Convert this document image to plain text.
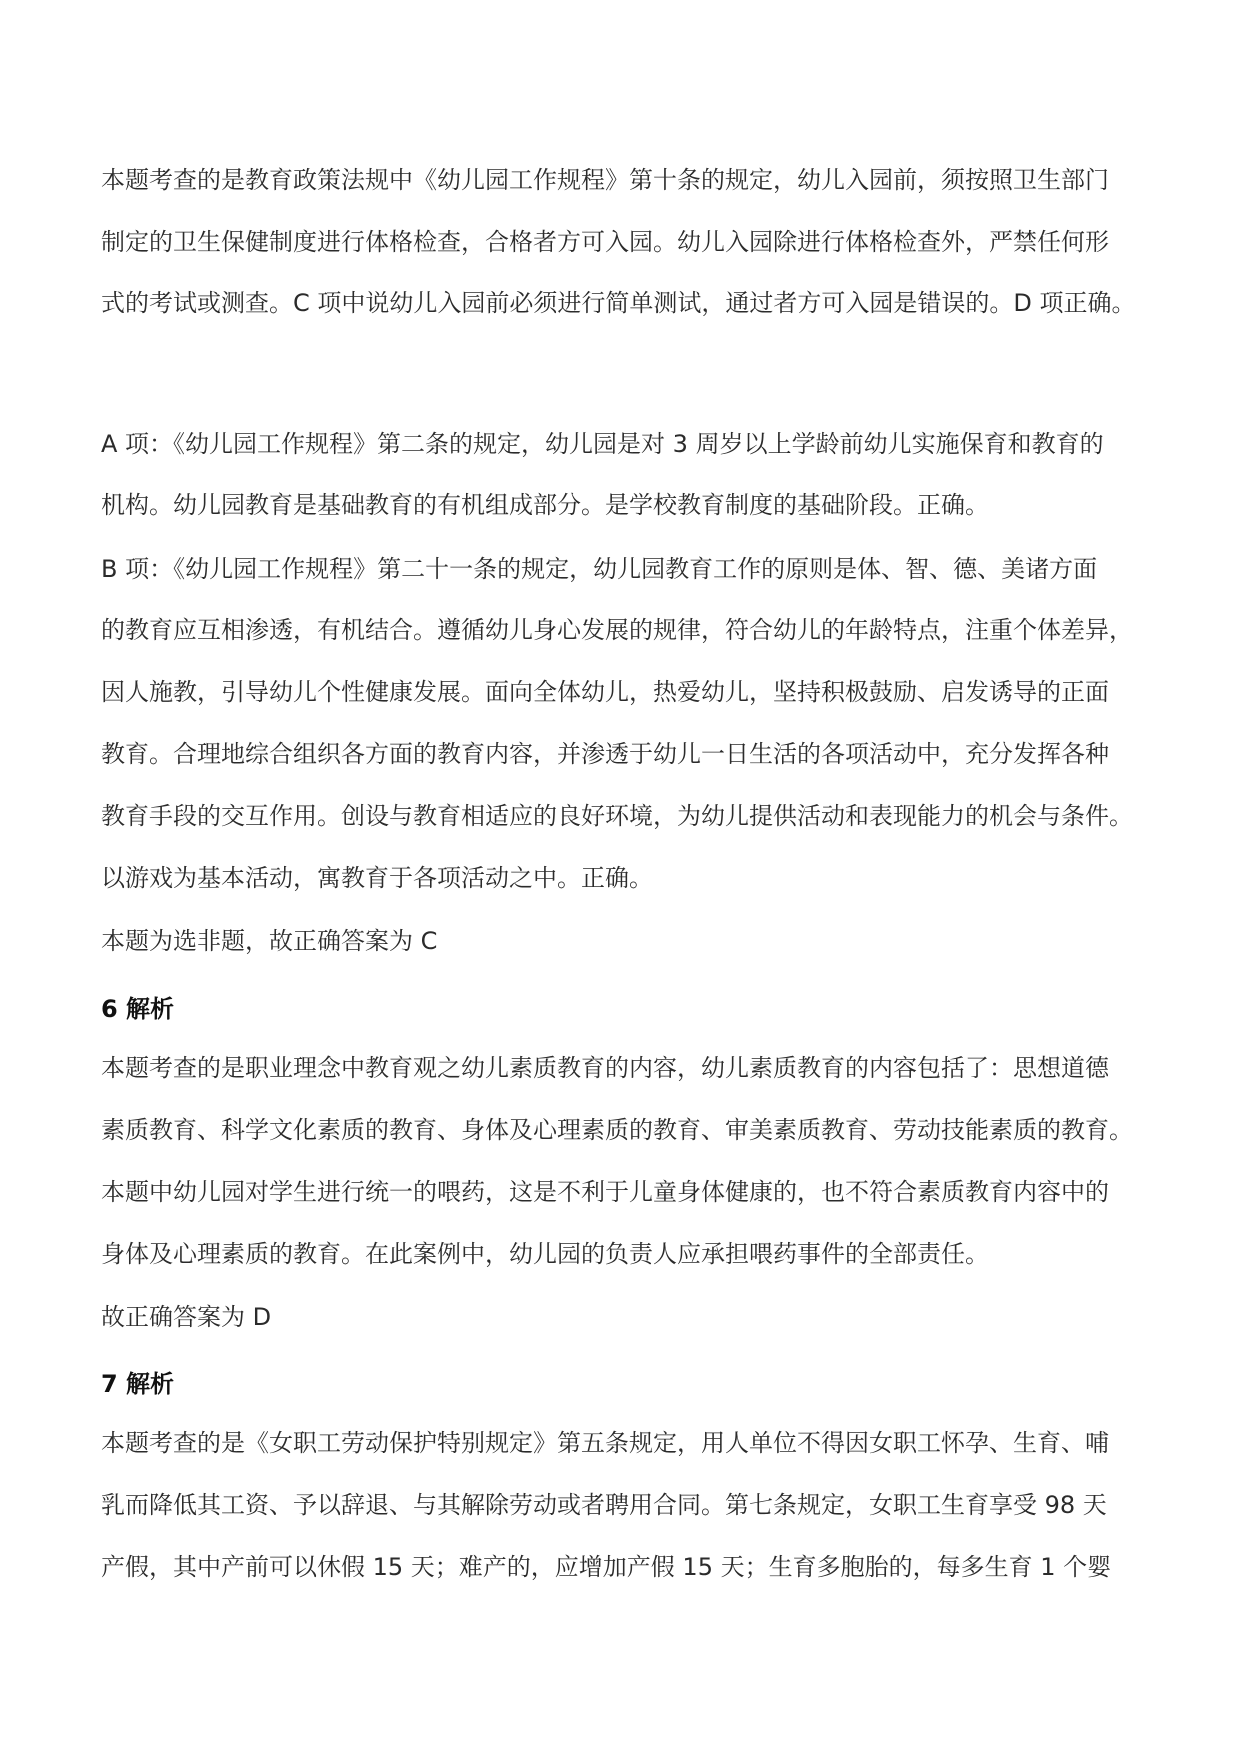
本题考查的是教育政策法规中《幼儿园工作规程》第十条的规定，幼儿入园前，须按照卫生部门
制定的卫生保健制度进行体格检查，合格者方可入园。幼儿入园除进行体格检查外，严禁任何形
式的考试或测查。C 项中说幼儿入园前必须进行简单测试，通过者方可入园是错误的。D 项正确。
A 项：《幼儿园工作规程》第二条的规定，幼儿园是对 3 周岁以上学龄前幼儿实施保育和教育的
机构。幼儿园教育是基础教育的有机组成部分。是学校教育制度的基础阶段。正确。
B 项：《幼儿园工作规程》第二十一条的规定，幼儿园教育工作的原则是体、智、德、美诸方面
的教育应互相渗透，有机结合。遵循幼儿身心发展的规律，符合幼儿的年龄特点，注重个体差异，
因人施教，引导幼儿个性健康发展。面向全体幼儿，热爱幼儿，坚持积极鼓励、启发诱导的正面
教育。合理地综合组织各方面的教育内容，并渗透于幼儿一日生活的各项活动中，充分发挥各种
教育手段的交互作用。创设与教育相适应的良好环境，为幼儿提供活动和表现能力的机会与条件。
以游戏为基本活动，寓教育于各项活动之中。正确。
本题为选非题，故正确答案为 C
6 解析
本题考查的是职业理念中教育观之幼儿素质教育的内容，幼儿素质教育的内容包括了：思想道德
素质教育、科学文化素质的教育、身体及心理素质的教育、审美素质教育、劳动技能素质的教育。
本题中幼儿园对学生进行统一的喂药，这是不利于儿童身体健康的，也不符合素质教育内容中的
身体及心理素质的教育。在此案例中，幼儿园的负责人应承担喂药事件的全部责任。
故正确答案为 D
7 解析
本题考查的是《女职工劳动保护特别规定》第五条规定，用人单位不得因女职工怀孕、生育、哺
乳而降低其工资、予以辞退、与其解除劳动或者聘用合同。第七条规定，女职工生育享受 98 天
产假，其中产前可以休假 15 天；难产的，应增加产假 15 天；生育多胞胎的，每多生育 1 个婴
